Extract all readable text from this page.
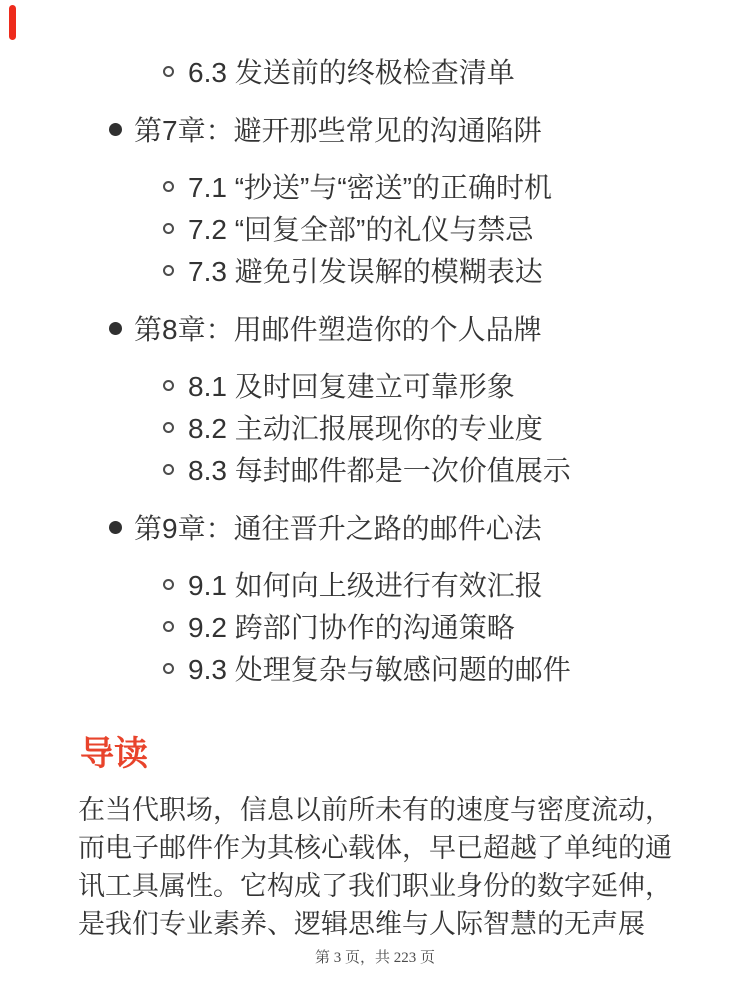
6.3 发送前的终极检查清单
第7章：避开那些常见的沟通陷阱
7.1 “抄送”与“密送”的正确时机
7.2 “回复全部”的礼仪与禁忌
7.3 避免引发误解的模糊表达
第8章：用邮件塑造你的个人品牌
8.1 及时回复建立可靠形象
8.2 主动汇报展现你的专业度
8.3 每封邮件都是一次价值展示
第9章：通往晋升之路的邮件心法
9.1 如何向上级进行有效汇报
9.2 跨部门协作的沟通策略
9.3 处理复杂与敏感问题的邮件
导读
在当代职场，信息以前所未有的速度与密度流动，
而电子邮件作为其核心载体，早已超越了单纯的通
讯工具属性。它构成了我们职业身份的数字延伸，
是我们专业素养、逻辑思维与人际智慧的无声展
第 3 页，共 223 页
